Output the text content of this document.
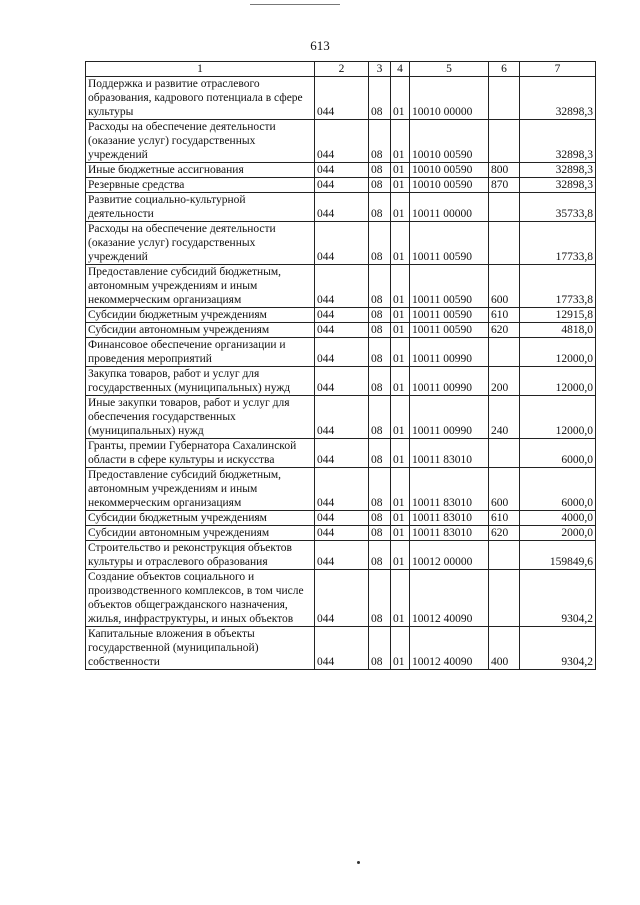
613
1	2	3	4	5	6	7
Поддержка и развитие отраслевого образования, кадрового потенциала в сфере культуры	044	08	01	10010 00000		32898,3
Расходы на обеспечение деятельности (оказание услуг) государственных учреждений	044	08	01	10010 00590		32898,3
Иные бюджетные ассигнования	044	08	01	10010 00590	800	32898,3
Резервные средства	044	08	01	10010 00590	870	32898,3
Развитие социально-культурной деятельности	044	08	01	10011 00000		35733,8
Расходы на обеспечение деятельности (оказание услуг) государственных учреждений	044	08	01	10011 00590		17733,8
Предоставление субсидий бюджетным, автономным учреждениям и иным некоммерческим организациям	044	08	01	10011 00590	600	17733,8
Субсидии бюджетным учреждениям	044	08	01	10011 00590	610	12915,8
Субсидии автономным учреждениям	044	08	01	10011 00590	620	4818,0
Финансовое обеспечение организации и проведения мероприятий	044	08	01	10011 00990		12000,0
Закупка товаров, работ и услуг для государственных (муниципальных) нужд	044	08	01	10011 00990	200	12000,0
Иные закупки товаров, работ и услуг для обеспечения государственных (муниципальных) нужд	044	08	01	10011 00990	240	12000,0
Гранты, премии Губернатора Сахалинской области в сфере культуры и искусства	044	08	01	10011 83010		6000,0
Предоставление субсидий бюджетным, автономным учреждениям и иным некоммерческим организациям	044	08	01	10011 83010	600	6000,0
Субсидии бюджетным учреждениям	044	08	01	10011 83010	610	4000,0
Субсидии автономным учреждениям	044	08	01	10011 83010	620	2000,0
Строительство и реконструкция объектов культуры и отраслевого образования	044	08	01	10012 00000		159849,6
Создание объектов социального и производственного комплексов, в том числе объектов общегражданского назначения, жилья, инфраструктуры, и иных объектов	044	08	01	10012 40090		9304,2
Капитальные вложения в объекты государственной (муниципальной) собственности	044	08	01	10012 40090	400	9304,2
